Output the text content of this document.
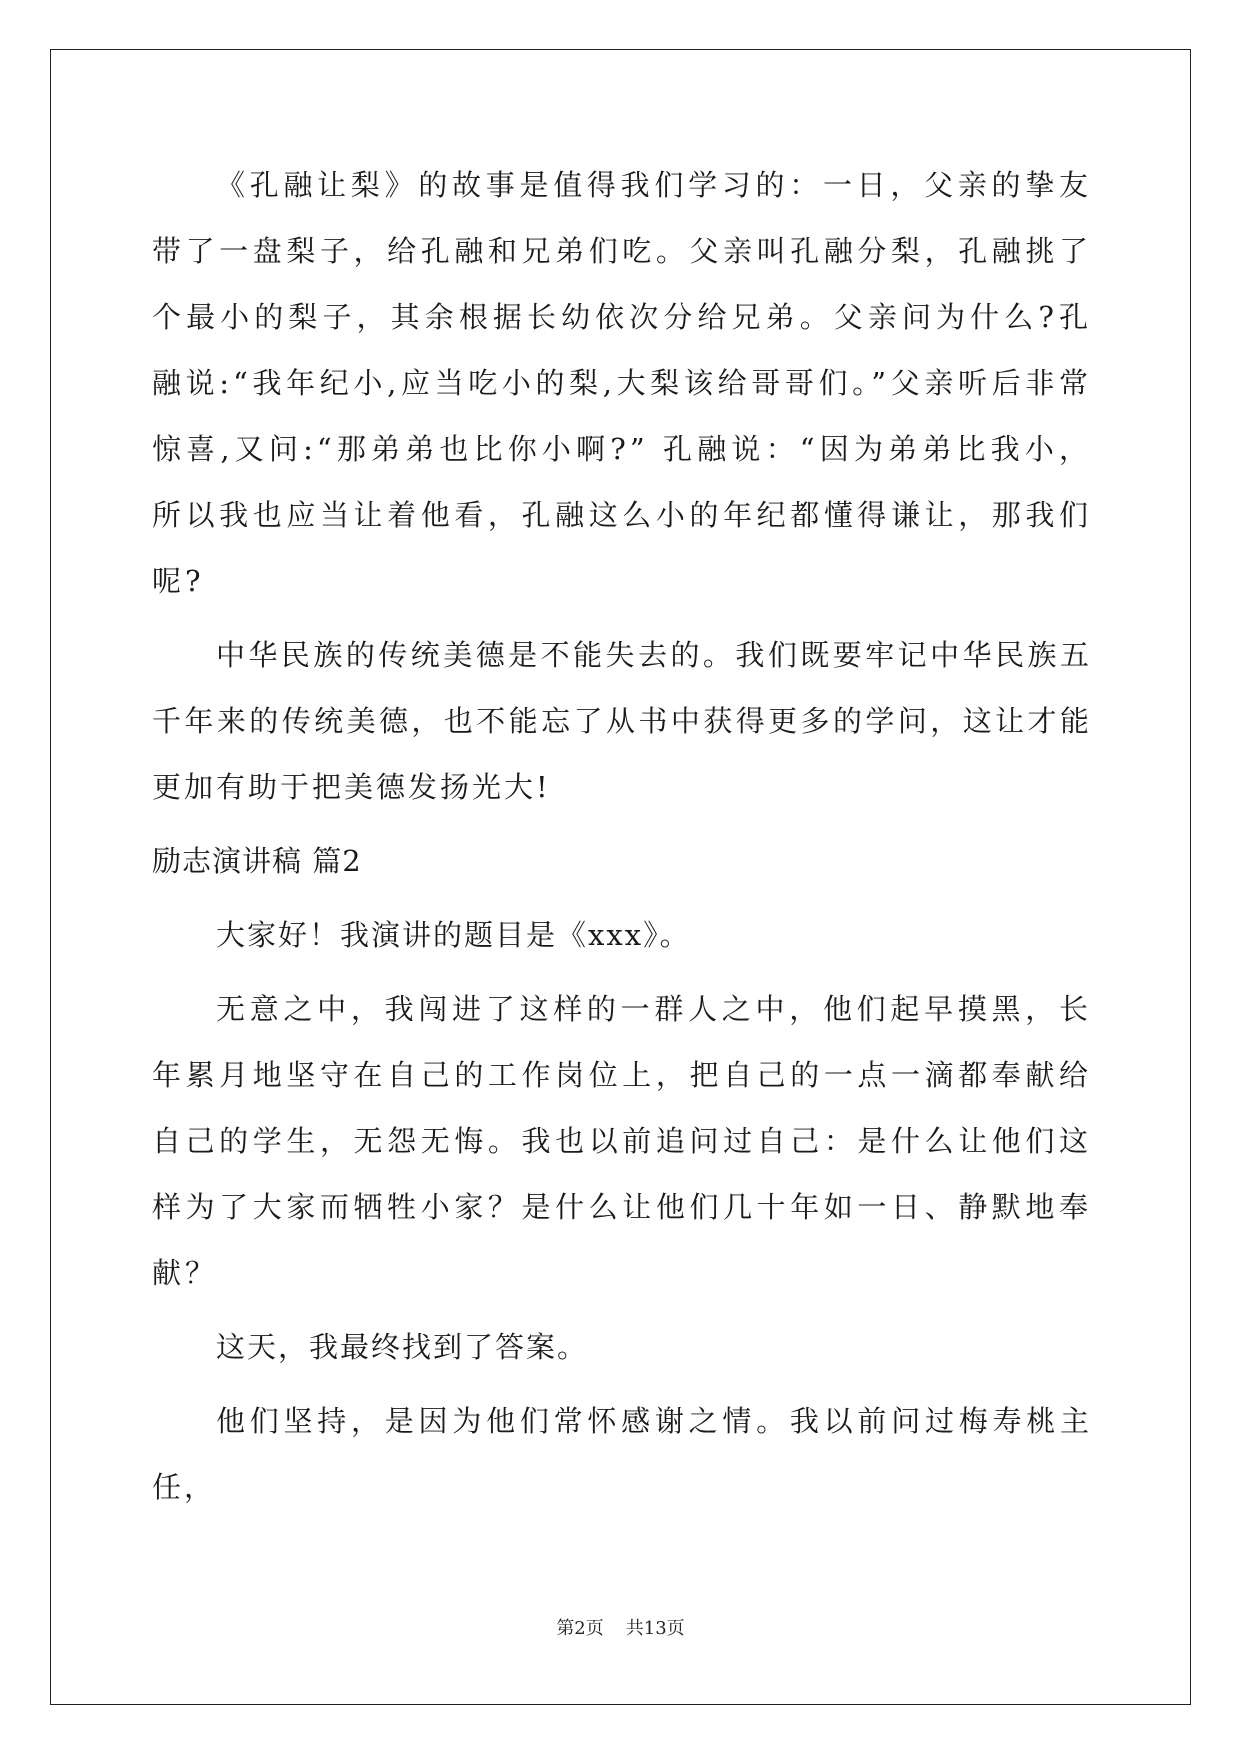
《孔融让梨》的故事是值得我们学习的：一日，父亲的挚友带了一盘梨子，给孔融和兄弟们吃。父亲叫孔融分梨，孔融挑了个最小的梨子，其余根据长幼依次分给兄弟。父亲问为什么?孔融说:“我年纪小,应当吃小的梨,大梨该给哥哥们。”父亲听后非常惊喜,又问:“那弟弟也比你小啊?” 孔融说：“因为弟弟比我小，所以我也应当让着他看，孔融这么小的年纪都懂得谦让，那我们呢?

中华民族的传统美德是不能失去的。我们既要牢记中华民族五千年来的传统美德，也不能忘了从书中获得更多的学问，这让才能更加有助于把美德发扬光大!

励志演讲稿 篇2

大家好！我演讲的题目是《xxx》。

无意之中，我闯进了这样的一群人之中，他们起早摸黑，长年累月地坚守在自己的工作岗位上，把自己的一点一滴都奉献给自己的学生，无怨无悔。我也以前追问过自己：是什么让他们这样为了大家而牺牲小家？是什么让他们几十年如一日、静默地奉献？

这天，我最终找到了答案。

他们坚持，是因为他们常怀感谢之情。我以前问过梅寿桃主任，

第2页 共13页
